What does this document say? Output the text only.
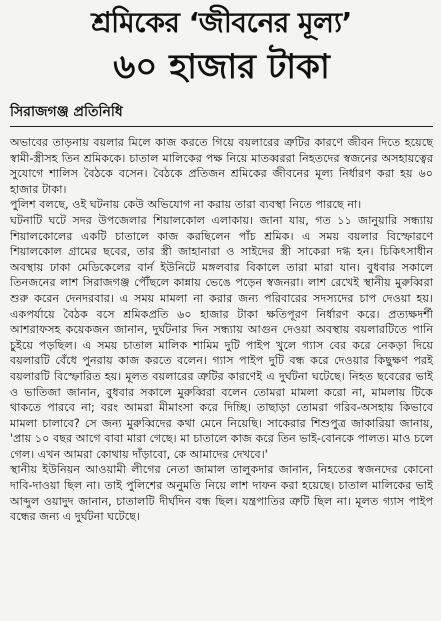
শ্রমিকের ‘জীবনের মূল্য’
৬০ হাজার টাকা
সিরাজগঞ্জ প্রতিনিধি

অভাবের তাড়নায় বয়লার মিলে কাজ করতে গিয়ে বয়লারের ত্রুটির কারণে জীবন দিতে হয়েছে স্বামী-স্ত্রীসহ তিন শ্রমিককে। চাতাল মালিকের পক্ষ নিয়ে মাতব্বররা নিহতদের স্বজনের অসহায়ত্বের সুযোগে শালিস বৈঠকে বসেন। বৈঠকে প্রতিজন শ্রমিকের জীবনের মূল্য নির্ধারণ করা হয় ৬০ হাজার টাকা।

পুলিশ বলছে, ওই ঘটনায় কেউ অভিযোগ না করায় তারা ব্যবস্থা নিতে পারছে না।

ঘটনাটি ঘটে সদর উপজেলার শিয়ালকোল এলাকায়। জানা যায়, গত ১১ জানুয়ারি সন্ধ্যায় শিয়ালকোলের একটি চাতালে কাজ করছিলেন পাঁচ শ্রমিক। এ সময় বয়লার বিস্ফোরণে শিয়ালকোল গ্রামের ছবের, তার স্ত্রী জাহানারা ও সাইদের স্ত্রী সাকেরা দগ্ধ হন। চিকিৎসাধীন অবস্থায় ঢাকা মেডিকেলের বার্ন ইউনিটে মঙ্গলবার বিকালে তারা মারা যান। বুধবার সকালে তিনজনের লাশ সিরাজগঞ্জ পৌঁছলে কান্নায় ভেঙে পড়েন স্বজনরা। লাশ রেখেই স্থানীয় মুরুব্বিরা শুরু করেন দেনদরবার। এ সময় মামলা না করার জন্য পরিবারের সদস্যদের চাপ দেওয়া হয়। একপর্যায়ে বৈঠক বসে শ্রমিকপ্রতি ৬০ হাজার টাকা ক্ষতিপূরণ নির্ধারণ করে। প্রত্যক্ষদর্শী আশরাফসহ কয়েকজন জানান, দুর্ঘটনার দিন সন্ধ্যায় আগুন দেওয়া অবস্থায় বয়লারটিতে পানি চুইয়ে পড়ছিল। এ সময় চাতাল মালিক শামিম দুটি পাইপ খুলে গ্যাস বের করে নেকড়া দিয়ে বয়লারটি বেঁধে পুনরায় কাজ করতে বলেন। গ্যাস পাইপ দুটি বন্ধ করে দেওয়ার কিছুক্ষণ পরই বয়লারটি বিস্ফোরিত হয়। মূলত বয়লারের ত্রুটির কারণেই এ দুর্ঘটনা ঘটেছে। নিহত ছবেরের ভাই ও ভাতিজা জানান, বুধবার সকালে মুরুব্বিরা বলেন তোমরা মামলা করো না, মামলায় টিকে থাকতে পারবে না; বরং আমরা মীমাংসা করে দিচ্ছি। তাছাড়া তোমরা গরিব-অসহায় কিভাবে মামলা চালাবে? সে জন্য মুরুব্বিদের কথা মেনে নিয়েছি। সাকেরার শিশুপুত্র জাকারিয়া জানায়, 'প্রায় ১০ বছর আগে বাবা মারা গেছে। মা চাতালে কাজ করে তিন ভাই-বোনকে পালত। মাও চলে গেল। এখন আমরা কোথায় দাঁড়াবো, কে আমাদের দেখবে।'

স্থানীয় ইউনিয়ন আওয়ামী লীগের নেতা জামাল তালুকদার জানান, নিহতের স্বজনদের কোনো দাবি-দাওয়া ছিল না। তাই পুলিশের অনুমতি নিয়ে লাশ দাফন করা হয়েছে। চাতাল মালিকের ভাই আব্দুল ওয়াদুদ জানান, চাতালটি দীর্ঘদিন বন্ধ ছিল। যন্ত্রপাতির ত্রুটি ছিল না। মূলত গ্যাস পাইপ বন্ধের জন্য এ দুর্ঘটনা ঘটেছে।
